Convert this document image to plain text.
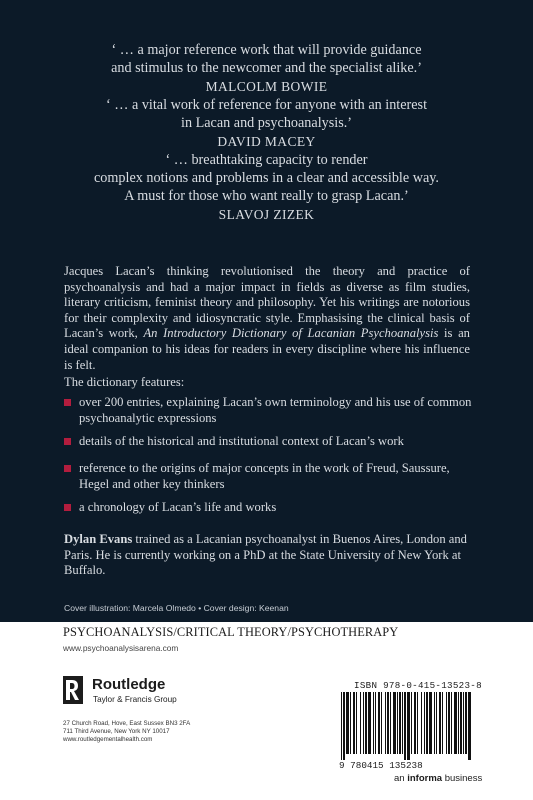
‘ … a major reference work that will provide guidance
and stimulus to the newcomer and the specialist alike.’
MALCOLM BOWIE
‘ … a vital work of reference for anyone with an interest
in Lacan and psychoanalysis.’
DAVID MACEY
‘ … breathtaking capacity to render
complex notions and problems in a clear and accessible way.
A must for those who want really to grasp Lacan.’
SLAVOJ ZIZEK
Jacques Lacan’s thinking revolutionised the theory and practice of psychoanalysis and had a major impact in fields as diverse as film studies, literary criticism, feminist theory and philosophy. Yet his writings are notorious for their complexity and idiosyncratic style. Emphasising the clinical basis of Lacan’s work, An Introductory Dictionary of Lacanian Psychoanalysis is an ideal companion to his ideas for readers in every discipline where his influence is felt.
The dictionary features:
over 200 entries, explaining Lacan’s own terminology and his use of common psychoanalytic expressions
details of the historical and institutional context of Lacan’s work
reference to the origins of major concepts in the work of Freud, Saussure, Hegel and other key thinkers
a chronology of Lacan’s life and works
Dylan Evans trained as a Lacanian psychoanalyst in Buenos Aires, London and Paris. He is currently working on a PhD at the State University of New York at Buffalo.
Cover illustration: Marcela Olmedo • Cover design: Keenan
PSYCHOANALYSIS/CRITICAL THEORY/PSYCHOTHERAPY
www.psychoanalysisarena.com
Routledge
Taylor & Francis Group
27 Church Road, Hove, East Sussex BN3 2FA
711 Third Avenue, New York NY 10017
www.routledgementalhealth.com
ISBN 978-0-415-13523-8
9 780415 135238
an informa business
